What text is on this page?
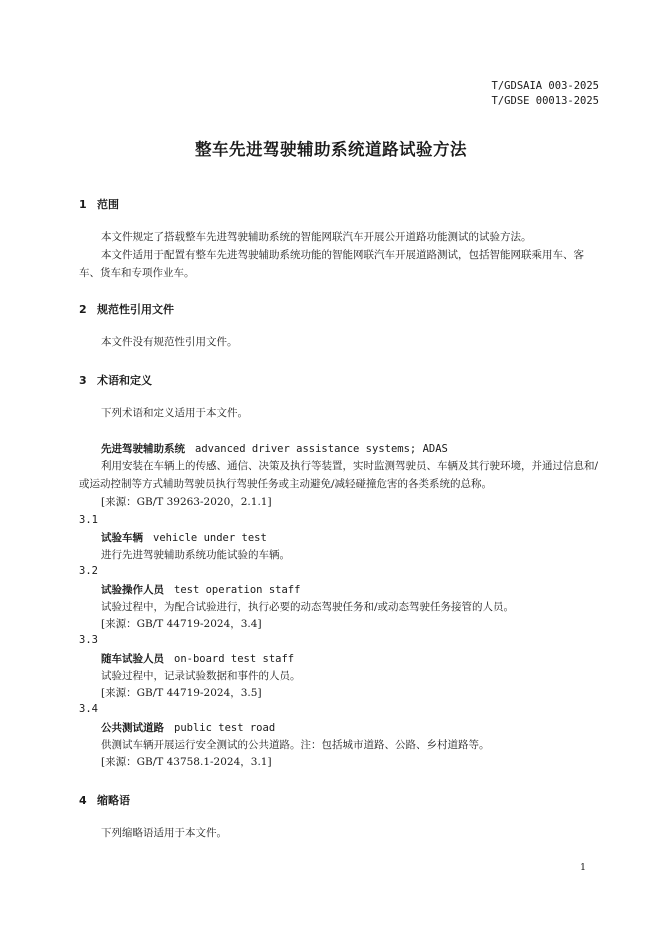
T/GDSAIA 003-2025
T/GDSE 00013-2025
整车先进驾驶辅助系统道路试验方法
1 范围

本文件规定了搭载整车先进驾驶辅助系统的智能网联汽车开展公开道路功能测试的试验方法。

本文件适用于配置有整车先进驾驶辅助系统功能的智能网联汽车开展道路测试，包括智能网联乘用车、客车、货车和专项作业车。

2 规范性引用文件

本文件没有规范性引用文件。

3 术语和定义
下列术语和定义适用于本文件。
先进驾驶辅助系统 advanced driver assistance systems; ADAS

利用安装在车辆上的传感、通信、决策及执行等装置，实时监测驾驶员、车辆及其行驶环境，并通过信息和/或运动控制等方式辅助驾驶员执行驾驶任务或主动避免/减轻碰撞危害的各类系统的总称。

[来源：GB/T 39263-2020，2.1.1]
3.1
试验车辆 vehicle under test
进行先进驾驶辅助系统功能试验的车辆。
3.2
试验操作人员 test operation staff
试验过程中，为配合试验进行，执行必要的动态驾驶任务和/或动态驾驶任务接管的人员。
[来源：GB/T 44719-2024，3.4]
3.3
随车试验人员 on-board test staff
试验过程中，记录试验数据和事件的人员。
[来源：GB/T 44719-2024，3.5]
3.4
公共测试道路 public test road
供测试车辆开展运行安全测试的公共道路。注：包括城市道路、公路、乡村道路等。
[来源：GB/T 43758.1-2024，3.1]
4 缩略语
下列缩略语适用于本文件。
1
